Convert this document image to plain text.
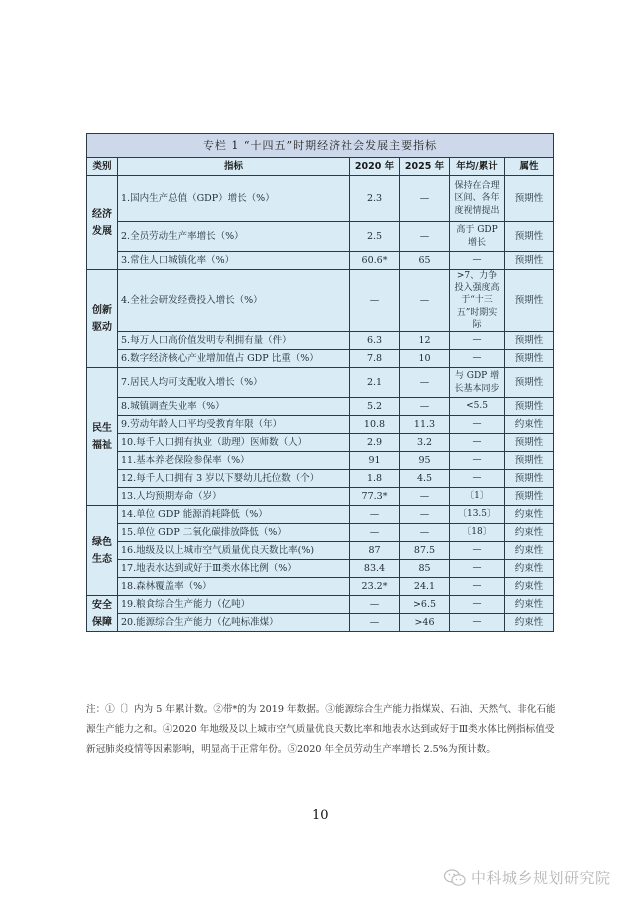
专栏 1 “十四五”时期经济社会发展主要指标					
类别	指标	2020 年	2025 年	年均/累计	属性
经济发展	1.国内生产总值（GDP）增长（%）	2.3	—	保持在合理区间、各年度视情提出	预期性
	2.全员劳动生产率增长（%）	2.5	—	高于 GDP 增长	预期性
	3.常住人口城镇化率（%）	60.6*	65	—	预期性
创新驱动	4.全社会研发经费投入增长（%）	—	—	>7、力争投入强度高于“十三五”时期实际	预期性
	5.每万人口高价值发明专利拥有量（件）	6.3	12	—	预期性
	6.数字经济核心产业增加值占 GDP 比重（%）	7.8	10	—	预期性
民生福祉	7.居民人均可支配收入增长（%）	2.1	—	与 GDP 增长基本同步	预期性
	8.城镇调查失业率（%）	5.2	—	<5.5	预期性
	9.劳动年龄人口平均受教育年限（年）	10.8	11.3	—	约束性
	10.每千人口拥有执业（助理）医师数（人）	2.9	3.2	—	预期性
	11.基本养老保险参保率（%）	91	95	—	预期性
	12.每千人口拥有 3 岁以下婴幼儿托位数（个）	1.8	4.5	—	预期性
	13.人均预期寿命（岁）	77.3*	—	〔1〕	预期性
绿色生态	14.单位 GDP 能源消耗降低（%）	—	—	〔13.5〕	约束性
	15.单位 GDP 二氧化碳排放降低（%）	—	—	〔18〕	约束性
	16.地级及以上城市空气质量优良天数比率(%)	87	87.5	—	约束性
	17.地表水达到或好于Ⅲ类水体比例（%）	83.4	85	—	约束性
	18.森林覆盖率（%）	23.2*	24.1	—	约束性
安全保障	19.粮食综合生产能力（亿吨）	—	>6.5	—	约束性
	20.能源综合生产能力（亿吨标准煤）	—	>46	—	约束性
注：①〔〕内为 5 年累计数。②带*的为 2019 年数据。③能源综合生产能力指煤炭、石油、天然气、非化石能源生产能力之和。④2020 年地级及以上城市空气质量优良天数比率和地表水达到或好于Ⅲ类水体比例指标值受新冠肺炎疫情等因素影响，明显高于正常年份。⑤2020 年全员劳动生产率增长 2.5%为预计数。
10
中科城乡规划研究院
